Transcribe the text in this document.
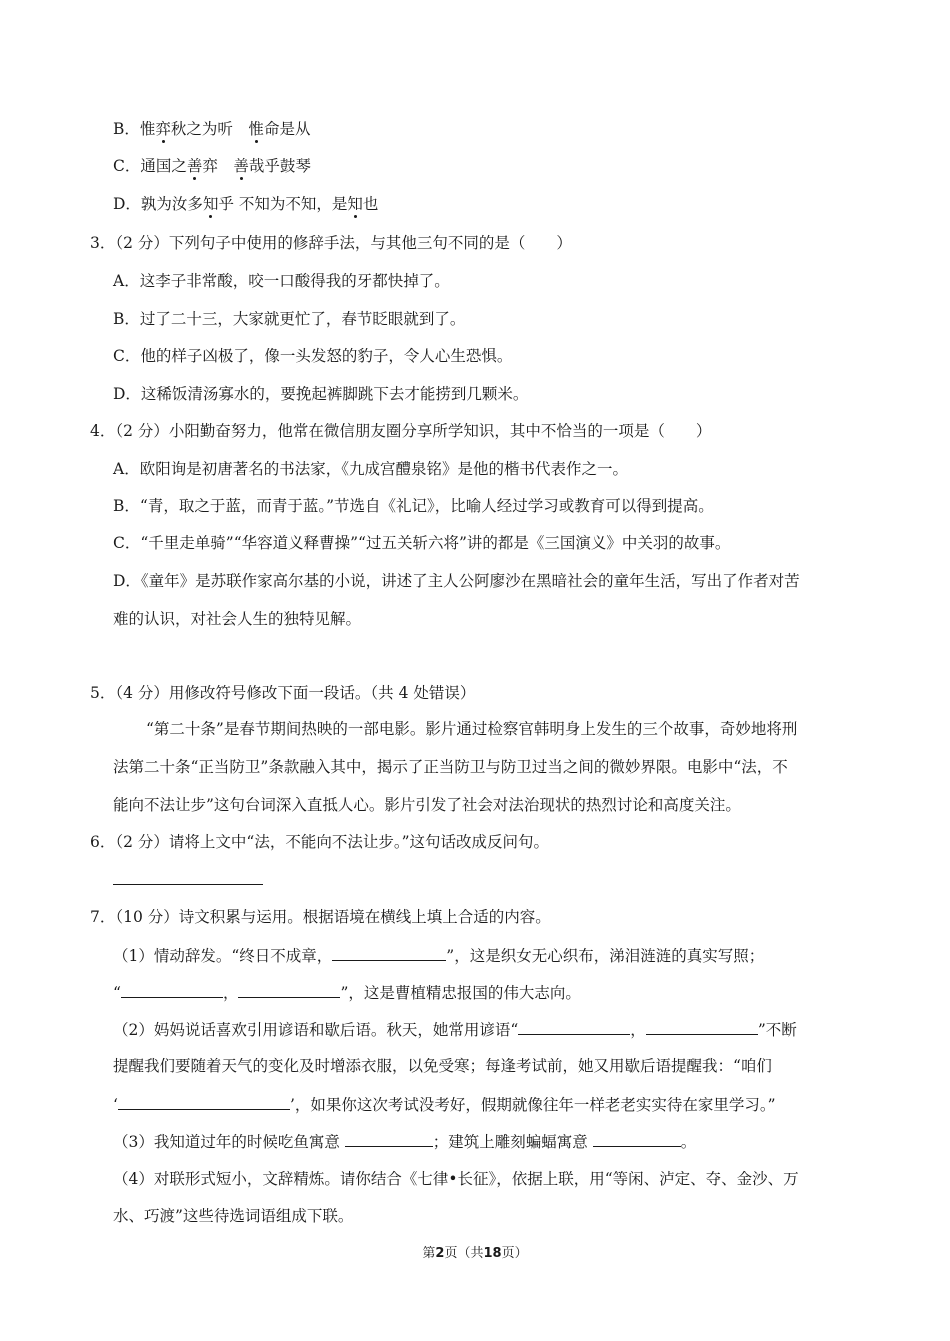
B．惟弈秋之为听　惟命是从
C．通国之善弈　善哉乎鼓琴
D．孰为汝多知乎 不知为不知，是知也
3．（2 分）下列句子中使用的修辞手法，与其他三句不同的是（　　）
A．这李子非常酸，咬一口酸得我的牙都快掉了。
B．过了二十三，大家就更忙了，春节眨眼就到了。
C．他的样子凶极了，像一头发怒的豹子，令人心生恐惧。
D．这稀饭清汤寡水的，要挽起裤脚跳下去才能捞到几颗米。
4．（2 分）小阳勤奋努力，他常在微信朋友圈分享所学知识，其中不恰当的一项是（　　）
A．欧阳询是初唐著名的书法家，《九成宫醴泉铭》是他的楷书代表作之一。
B．“青，取之于蓝，而青于蓝。”节选自《礼记》，比喻人经过学习或教育可以得到提高。
C．“千里走单骑”“华容道义释曹操”“过五关斩六将”讲的都是《三国演义》中关羽的故事。
D．《童年》是苏联作家高尔基的小说，讲述了主人公阿廖沙在黑暗社会的童年生活，写出了作者对苦
难的认识，对社会人生的独特见解。
5．（4 分）用修改符号修改下面一段话。（共 4 处错误）
“第二十条”是春节期间热映的一部电影。影片通过检察官韩明身上发生的三个故事，奇妙地将刑
法第二十条“正当防卫”条款融入其中，揭示了正当防卫与防卫过当之间的微妙界限。电影中“法，不
能向不法让步”这句台词深入直抵人心。影片引发了社会对法治现状的热烈讨论和高度关注。
6．（2 分）请将上文中“法，不能向不法让步。”这句话改成反问句。
7．（10 分）诗文积累与运用。根据语境在横线上填上合适的内容。
（1）情动辞发。“终日不成章，	”，这是织女无心织布，涕泪涟涟的真实写照；
“	，	”，这是曹植精忠报国的伟大志向。
（2）妈妈说话喜欢引用谚语和歇后语。秋天，她常用谚语“	，	”不断
提醒我们要随着天气的变化及时增添衣服，以免受寒；每逢考试前，她又用歇后语提醒我：“咱们
‘	’，如果你这次考试没考好，假期就像往年一样老老实实待在家里学习。”
（3）我知道过年的时候吃鱼寓意	；建筑上雕刻蝙蝠寓意	。
（4）对联形式短小，文辞精炼。请你结合《七律•长征》，依据上联，用“等闲、泸定、夺、金沙、万
水、巧渡”这些待选词语组成下联。
第2页（共18页）
